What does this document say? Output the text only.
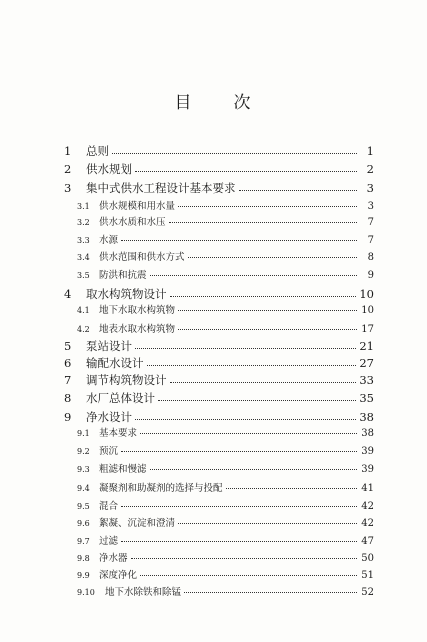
目 次
1	总则	1
2	供水规划	2
3	集中式供水工程设计基本要求	3
3.1 供水规模和用水量	3
3.2 供水水质和水压	7
3.3 水源	7
3.4 供水范围和供水方式	8
3.5 防洪和抗震	9
4	取水构筑物设计	10
4.1 地下水取水构筑物	10
4.2 地表水取水构筑物	17
5	泵站设计	21
6	输配水设计	27
7	调节构筑物设计	33
8	水厂总体设计	35
9	净水设计	38
9.1 基本要求	38
9.2 预沉	39
9.3 粗滤和慢滤	39
9.4 凝聚剂和助凝剂的选择与投配	41
9.5 混合	42
9.6 絮凝、沉淀和澄清	42
9.7 过滤	47
9.8 净水器	50
9.9 深度净化	51
9.10	地下水除铁和除锰	52
